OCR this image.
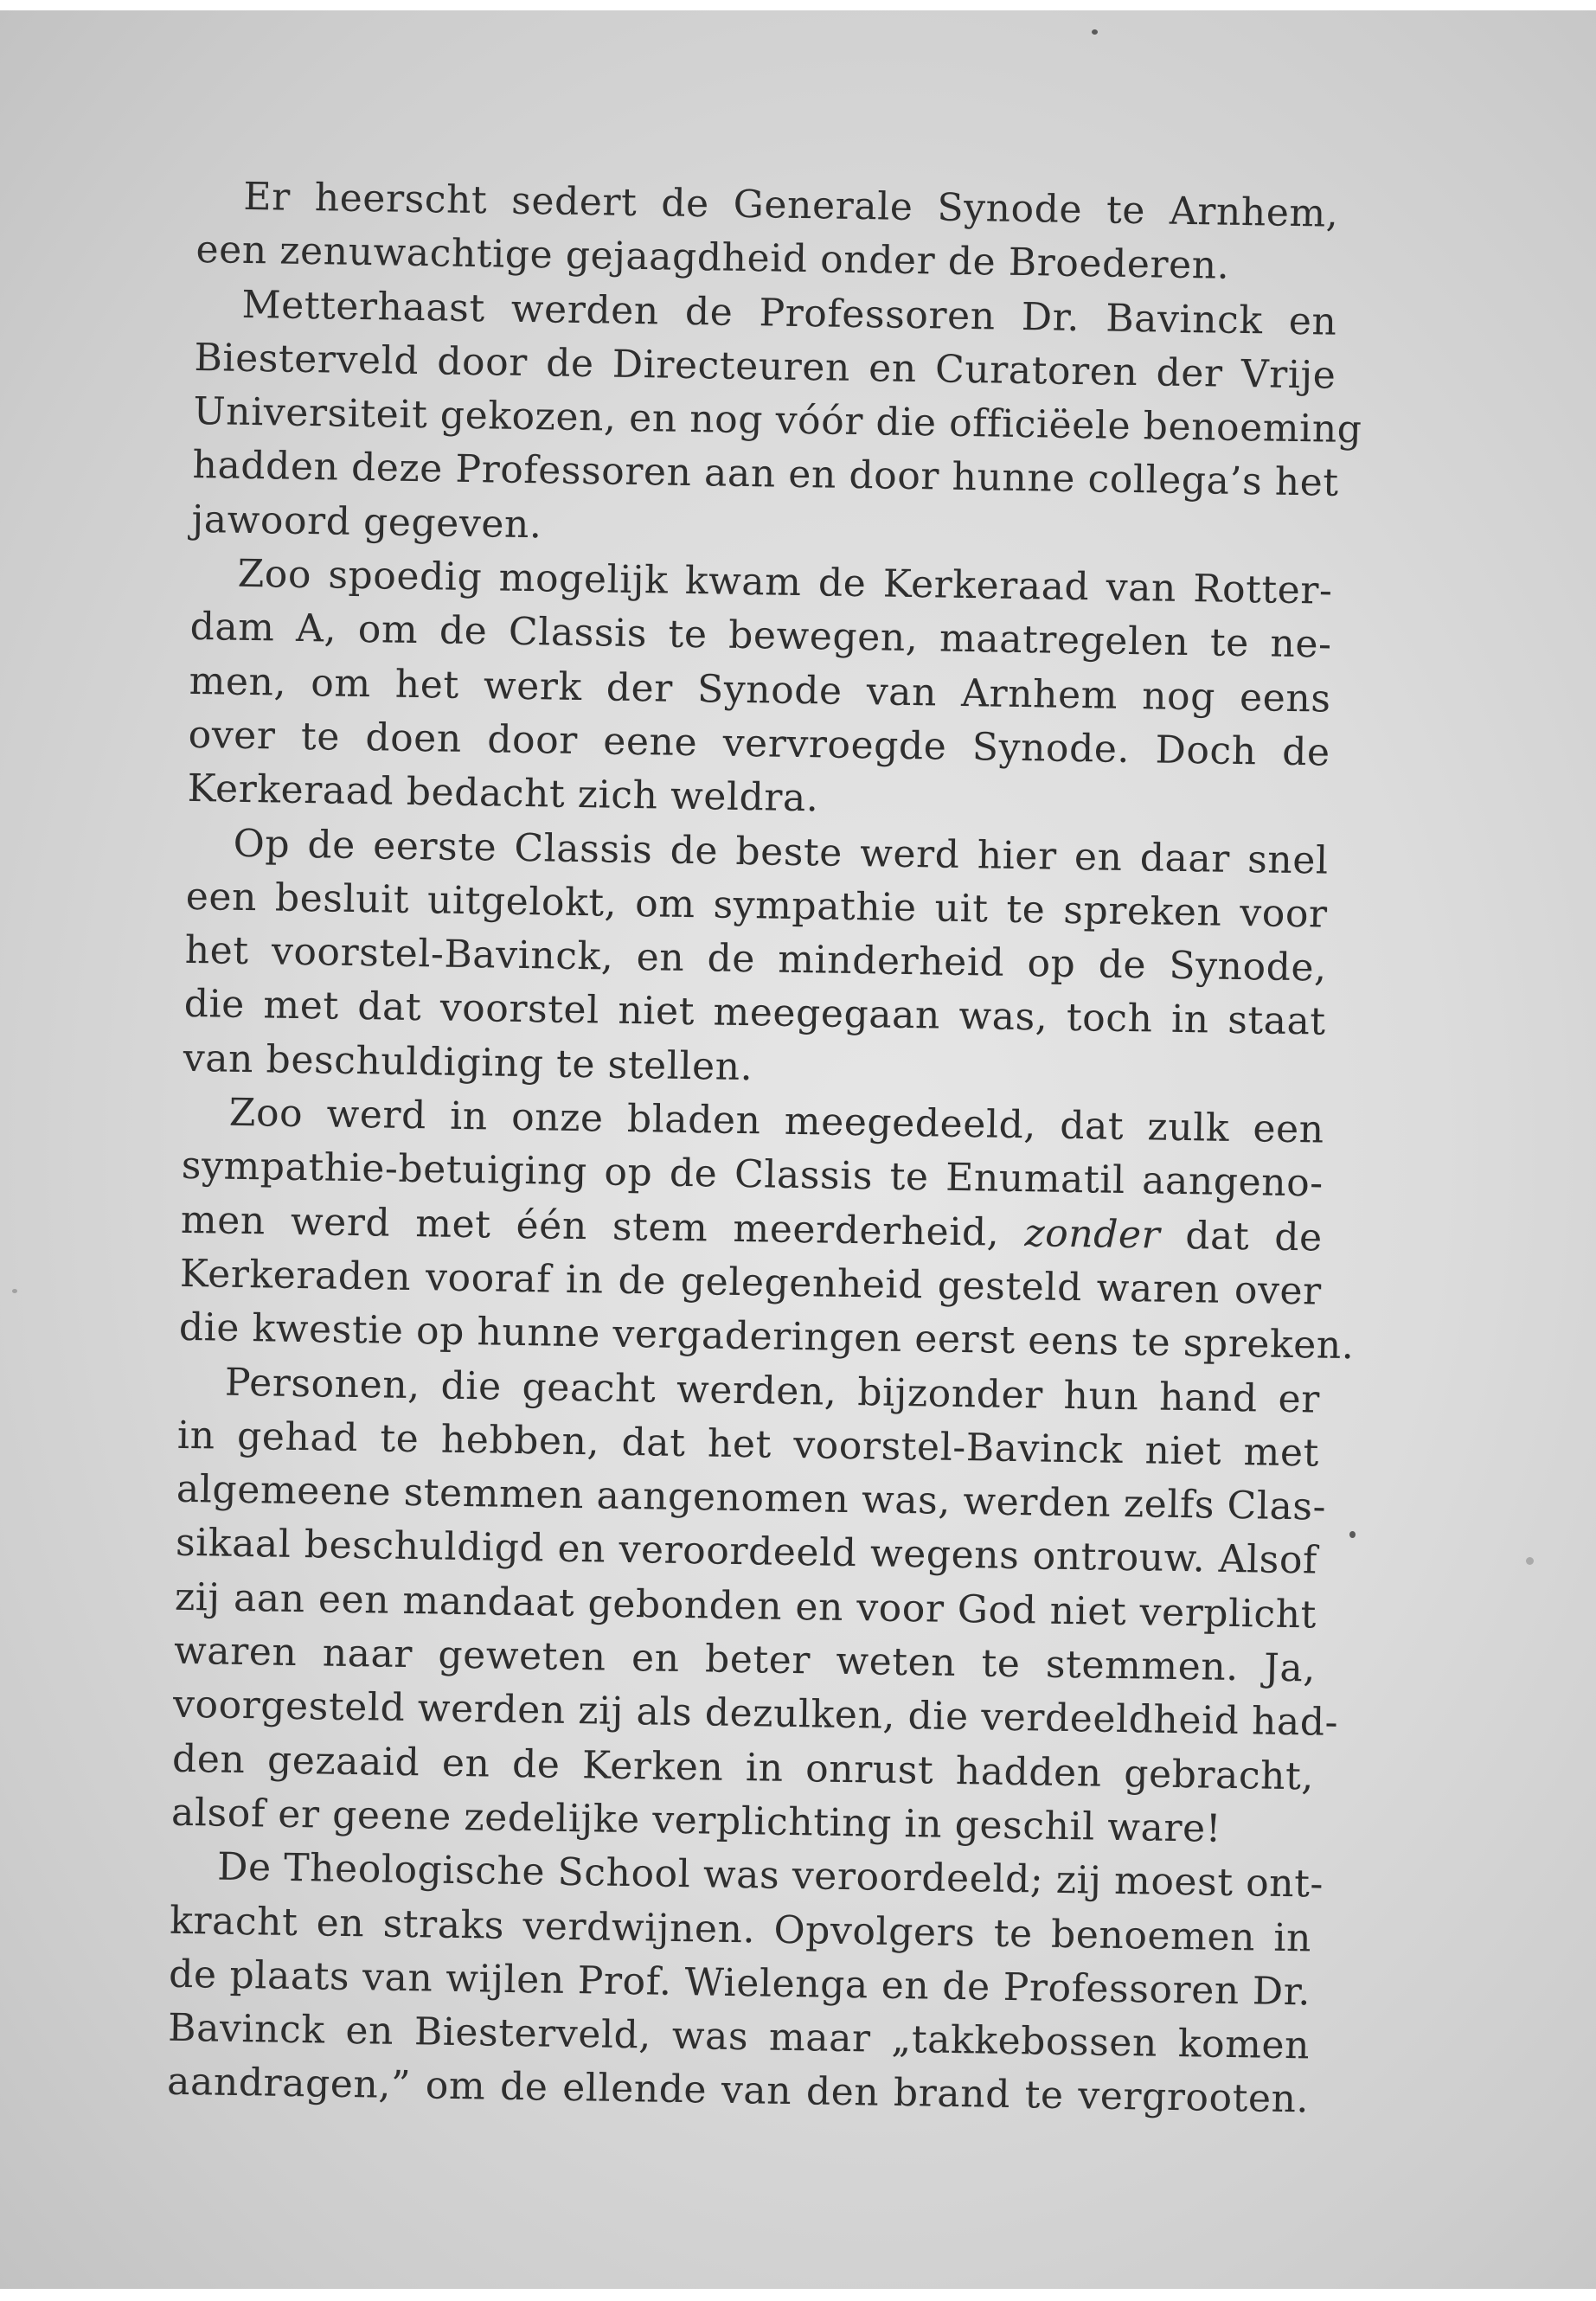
Er heerscht sedert de Generale Synode te Arnhem,
een zenuwachtige gejaagdheid onder de Broederen.

Metterhaast werden de Professoren Dr. Bavinck en
Biesterveld door de Directeuren en Curatoren der Vrije
Universiteit gekozen, en nog vóór die officiëele benoeming
hadden deze Professoren aan en door hunne collega’s het
jawoord gegeven.

Zoo spoedig mogelijk kwam de Kerkeraad van Rotter-
dam A, om de Classis te bewegen, maatregelen te ne-
men, om het werk der Synode van Arnhem nog eens
over te doen door eene vervroegde Synode. Doch de
Kerkeraad bedacht zich weldra.

Op de eerste Classis de beste werd hier en daar snel
een besluit uitgelokt, om sympathie uit te spreken voor
het voorstel-Bavinck, en de minderheid op de Synode,
die met dat voorstel niet meegegaan was, toch in staat
van beschuldiging te stellen.

Zoo werd in onze bladen meegedeeld, dat zulk een
sympathie-betuiging op de Classis te Enumatil aangeno-
men werd met één stem meerderheid, zonder dat de
Kerkeraden vooraf in de gelegenheid gesteld waren over
die kwestie op hunne vergaderingen eerst eens te spreken.

Personen, die geacht werden, bijzonder hun hand er
in gehad te hebben, dat het voorstel-Bavinck niet met
algemeene stemmen aangenomen was, werden zelfs Clas-
sikaal beschuldigd en veroordeeld wegens ontrouw. Alsof
zij aan een mandaat gebonden en voor God niet verplicht
waren naar geweten en beter weten te stemmen. Ja,
voorgesteld werden zij als dezulken, die verdeeldheid had-
den gezaaid en de Kerken in onrust hadden gebracht,
alsof er geene zedelijke verplichting in geschil ware!

De Theologische School was veroordeeld; zij moest ont-
kracht en straks verdwijnen. Opvolgers te benoemen in
de plaats van wijlen Prof. Wielenga en de Professoren Dr.
Bavinck en Biesterveld, was maar „takkebossen komen
aandragen,” om de ellende van den brand te vergrooten.
